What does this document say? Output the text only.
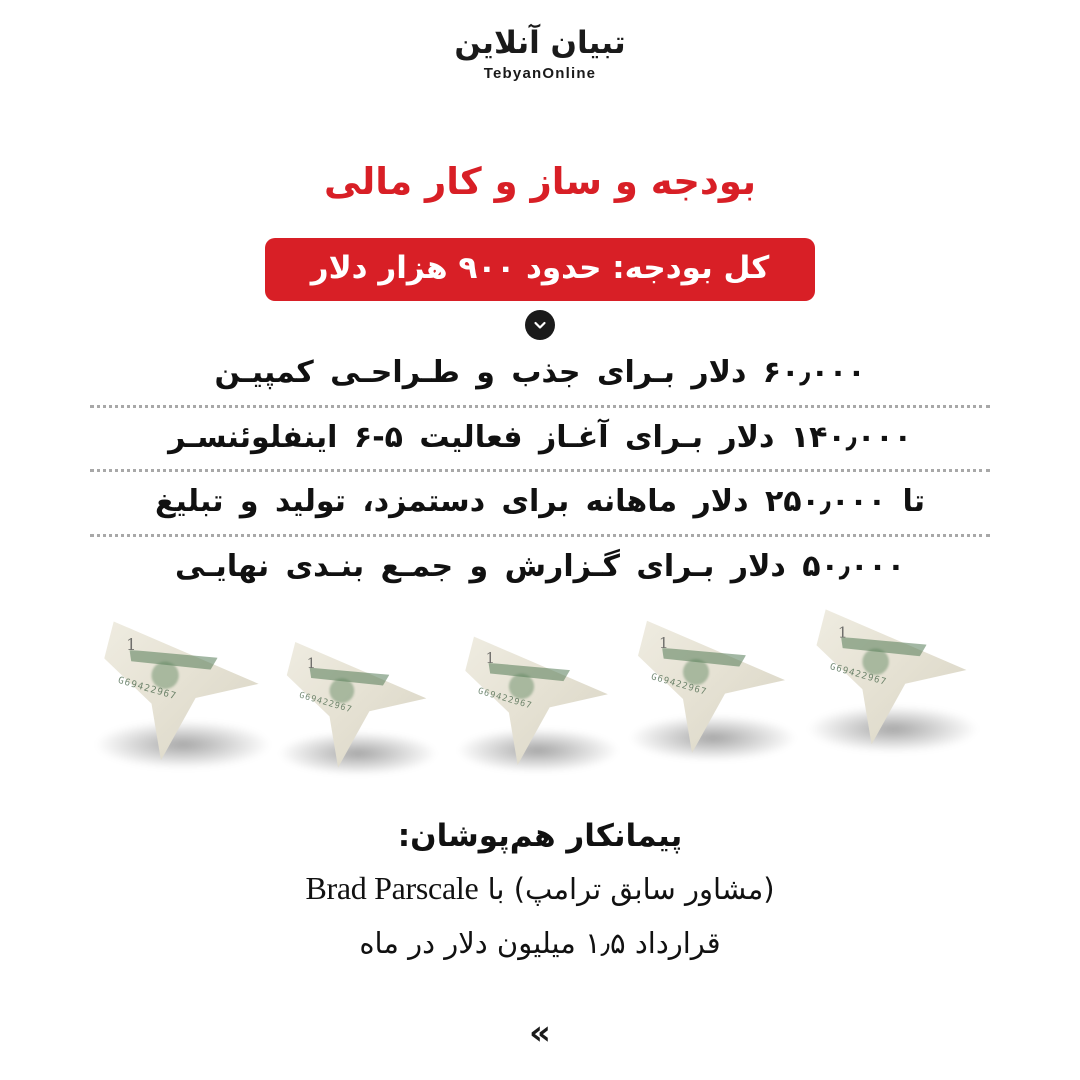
تبیان آنلاین
TebyanOnline
بودجه و ساز و کار مالی
کل بودجه: حدود ۹۰۰ هزار دلار
۶۰٫۰۰۰ دلار بـرای جذب و طـراحـی کمپیـن
۱۴۰٫۰۰۰ دلار بـرای آغـاز فعالیت ۵-۶ اینفلوئنسـر
تا ۲۵۰٫۰۰۰ دلار ماهانه برای دستمزد، تولید و تبلیغ
۵۰٫۰۰۰ دلار بـرای گـزارش و جمـع بنـدی نهایـی
1
G69422967
1
G69422967
1
G69422967
1
G69422967
1
G69422967
پیمانکار هم‌پوشان:
(مشاور سابق ترامپ) با Brad Parscale
قرارداد ۱٫۵ میلیون دلار در ماه
»
